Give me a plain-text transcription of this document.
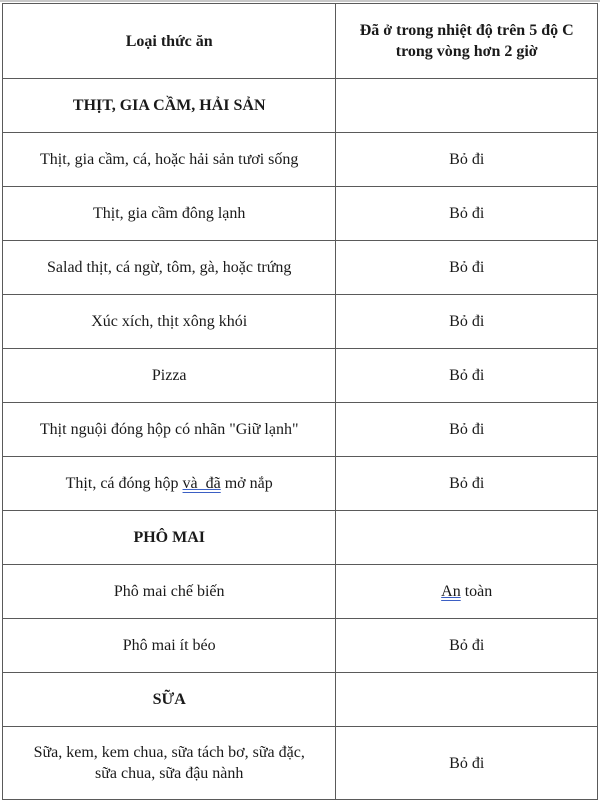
Loại thức ăn	Đã ở trong nhiệt độ trên 5 độ C
trong vòng hơn 2 giờ
THỊT, GIA CẦM, HẢI SẢN	
Thịt, gia cầm, cá, hoặc hải sản tươi sống	Bỏ đi
Thịt, gia cầm đông lạnh	Bỏ đi
Salad thịt, cá ngừ, tôm, gà, hoặc trứng	Bỏ đi
Xúc xích, thịt xông khói	Bỏ đi
Pizza	Bỏ đi
Thịt nguội đóng hộp có nhãn "Giữ lạnh"	Bỏ đi
Thịt, cá đóng hộp và  đã mở nắp	Bỏ đi
PHÔ MAI	
Phô mai chế biến	An toàn
Phô mai ít béo	Bỏ đi
SỮA	
Sữa, kem, kem chua, sữa tách bơ, sữa đặc,
sữa chua, sữa đậu nành	Bỏ đi
